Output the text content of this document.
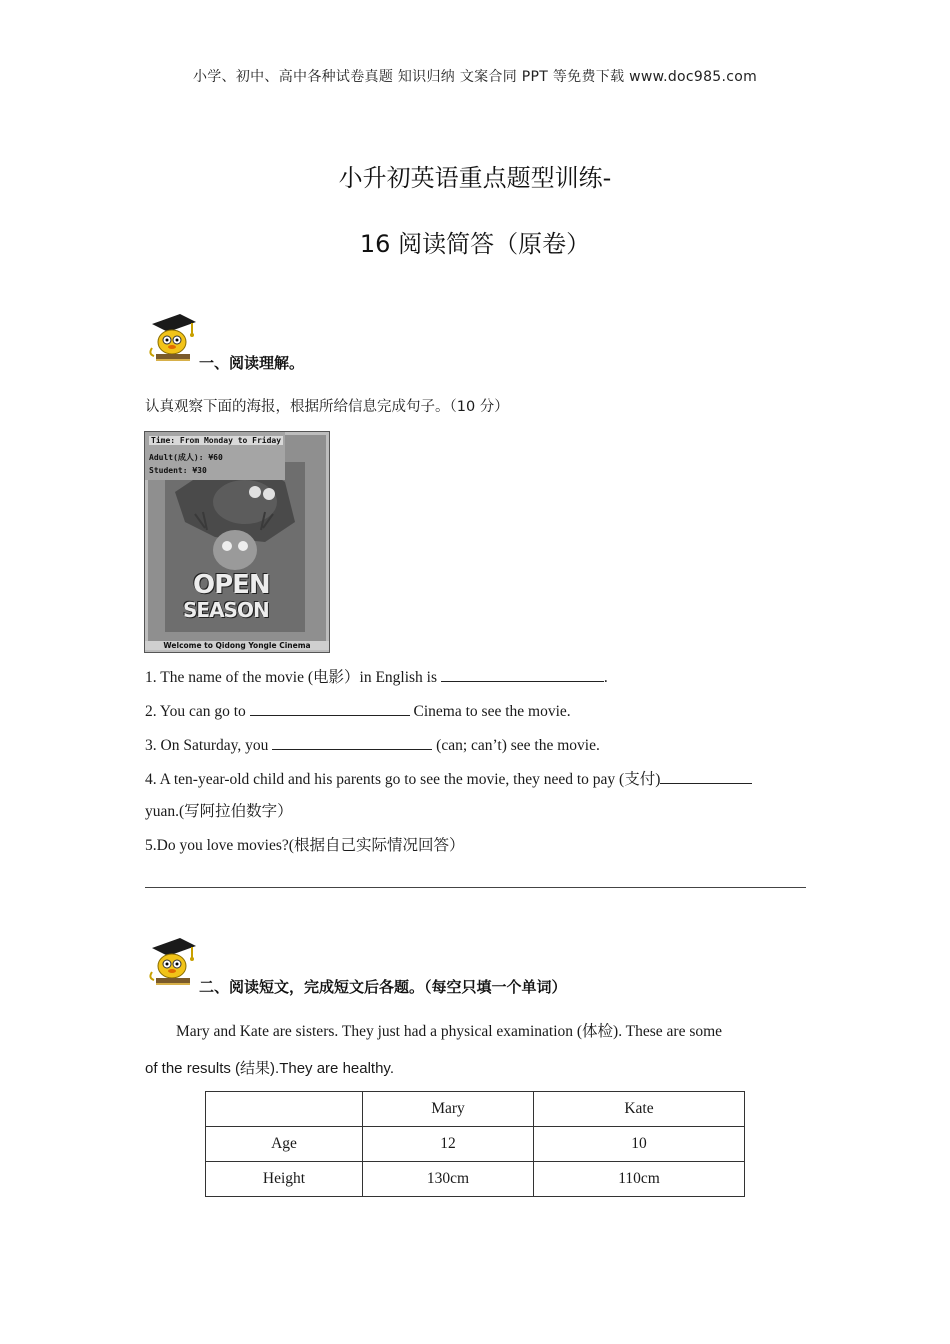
小学、初中、高中各种试卷真题 知识归纳 文案合同 PPT 等免费下载 www.doc985.com
小升初英语重点题型训练-
16 阅读简答（原卷）
一、阅读理解。
认真观察下面的海报，根据所给信息完成句子。（10 分）
Time: From Monday to Friday
Adult(成人): ¥60
Student: ¥30
OPEN
SEASON
Welcome to Qidong Yongle Cinema
1. The name of the movie (电影）in English is	.
2. You can go to	Cinema to see the movie.
3. On Saturday, you	(can; can’t) see the movie.
4. A ten-year-old child and his parents go to see the movie, they need to pay (支付)
yuan.(写阿拉伯数字）
5.Do you love movies?(根据自己实际情况回答）
二、阅读短文，完成短文后各题。（每空只填一个单词）
Mary and Kate are sisters. They just had a physical examination (体检). These are some
of the results (结果).They are healthy.
	Mary	Kate
Age	12	10
Height	130cm	110cm
